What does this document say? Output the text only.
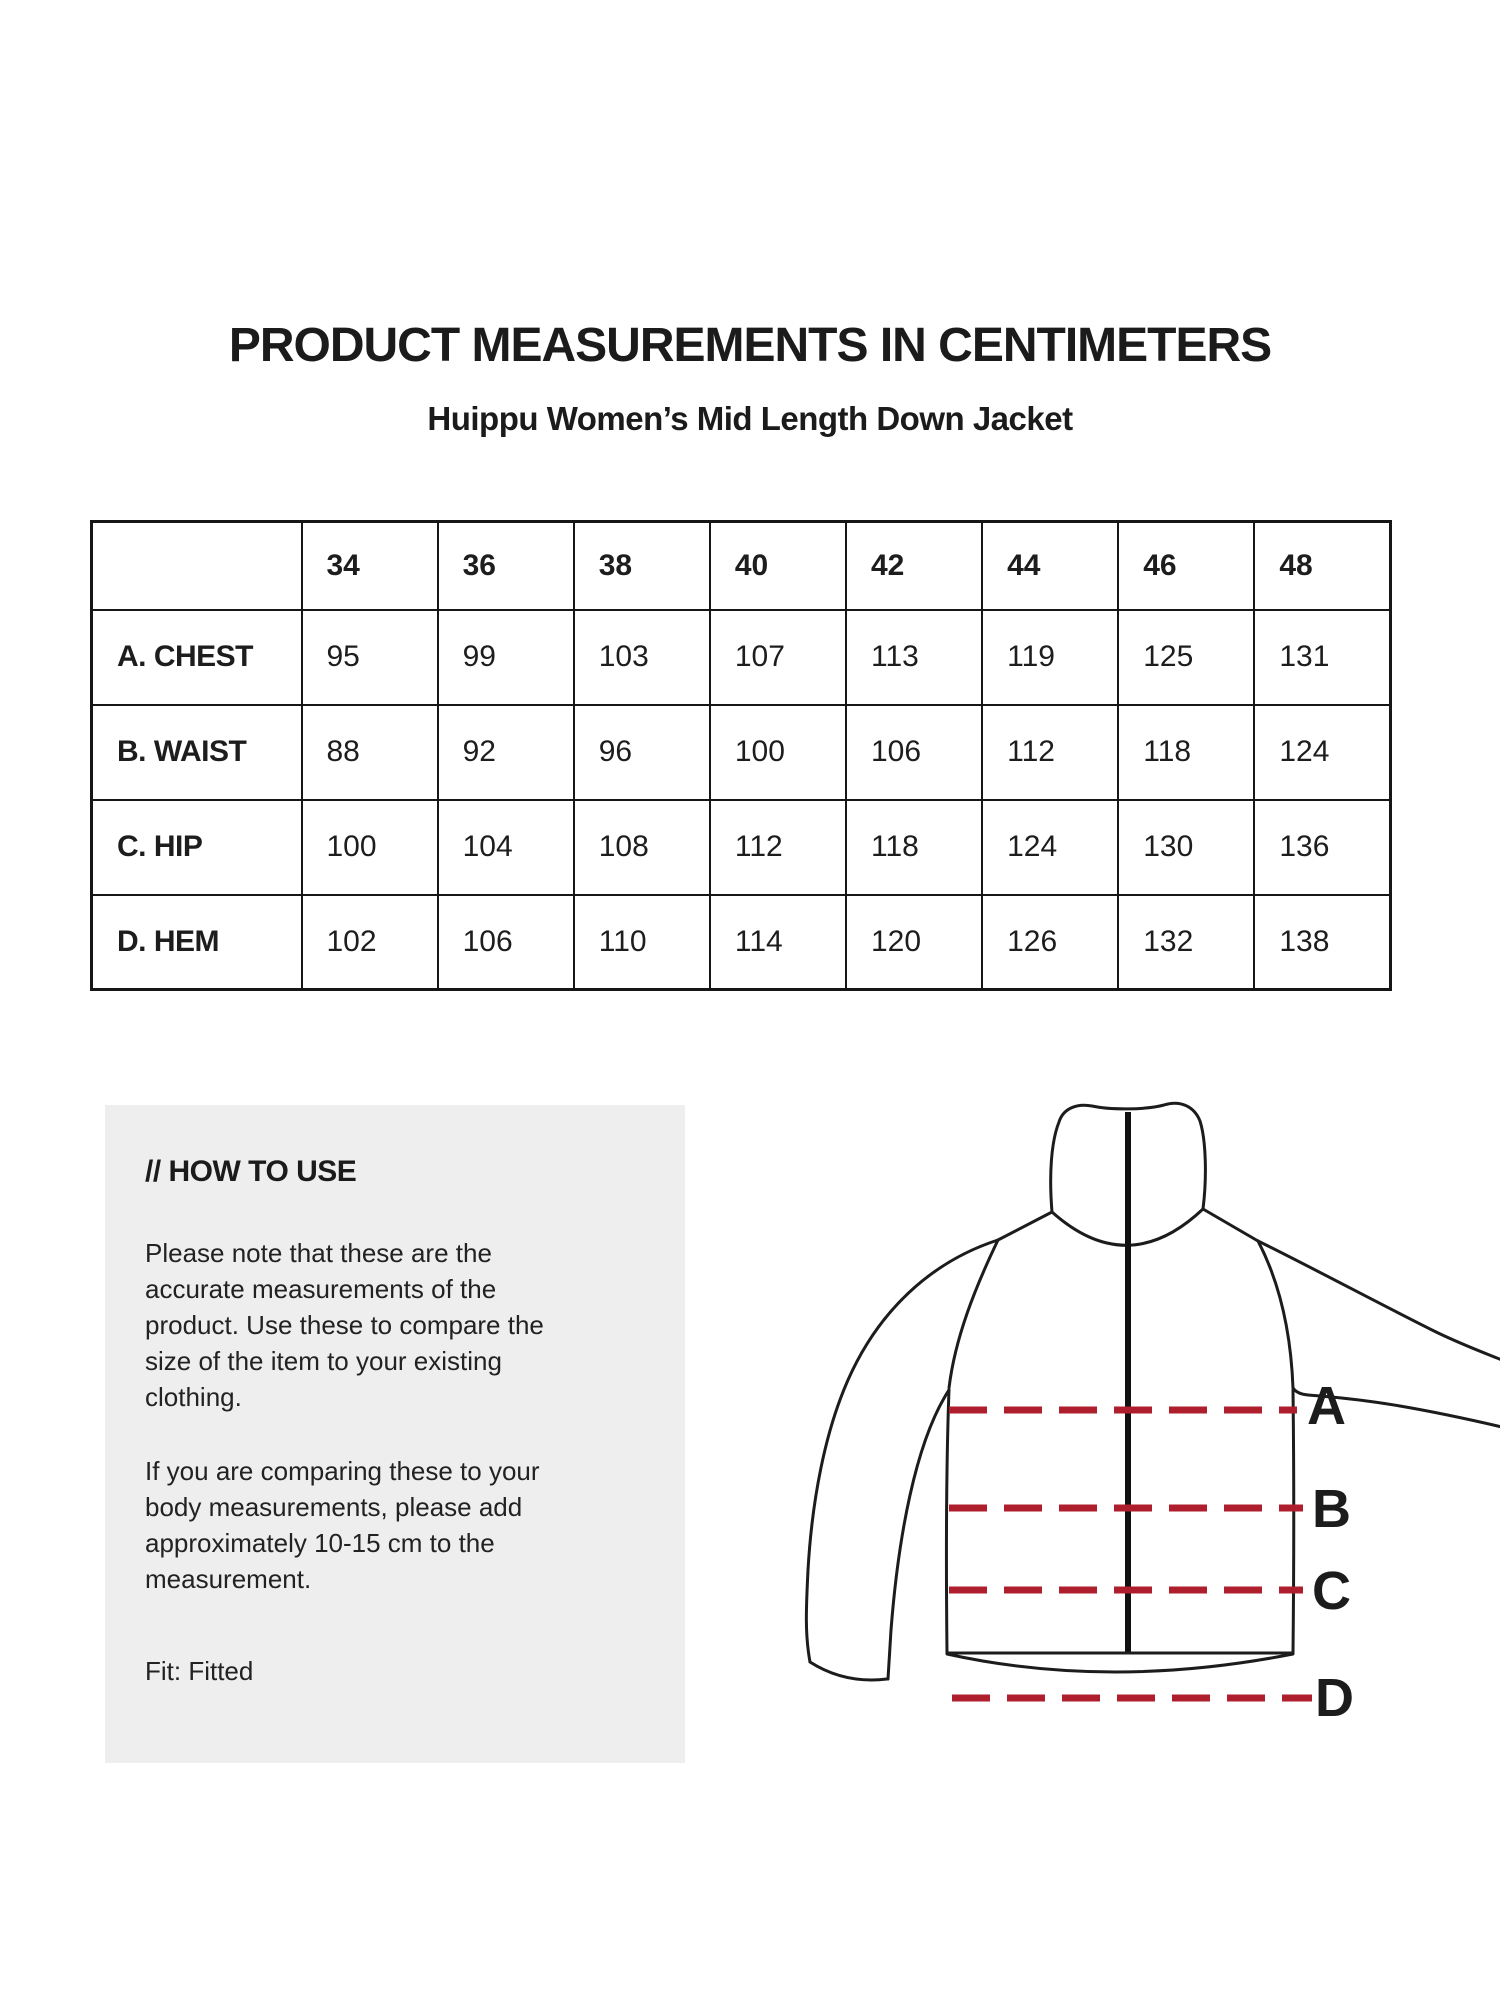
PRODUCT MEASUREMENTS IN CENTIMETERS
Huippu Women’s Mid Length Down Jacket
	34	36	38	40	42	44	46	48
A. CHEST	95	99	103	107	113	119	125	131
B. WAIST	88	92	96	100	106	112	118	124
C. HIP	100	104	108	112	118	124	130	136
D. HEM	102	106	110	114	120	126	132	138
// HOW TO USE

Please note that these are the accurate measurements of the product. Use these to compare the size of the item to your existing clothing.

If you are comparing these to your body measurements, please add approximately 10-15 cm to the measurement.

Fit: Fitted

A
B
C
D
